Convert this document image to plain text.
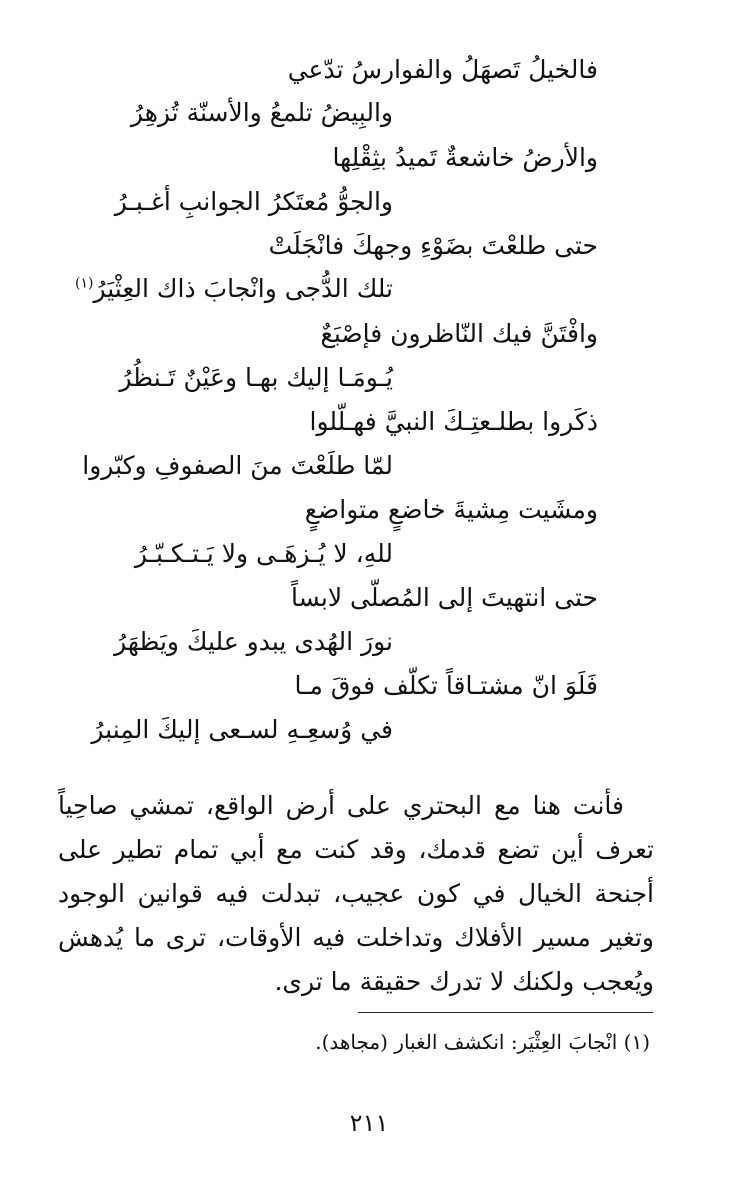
فالخيلُ تَصهَلُ والفوارسُ تدّعي
والبِيضُ تلمعُ والأسنّة تُزهِرُ
والأرضُ خاشعةٌ تَميدُ بثِقْلِها
والجوُّ مُعتَكرُ الجوانبِ أغـبـرُ
حتى طلعْتَ بضَوْءِ وجهكَ فانْجَلَتْ
تلك الدُّجى وانْجابَ ذاك العِثْيَرُ$^{(١)}$
وافْتَنَّ فيك النّاظرون فإصْبَعٌ
يُـومَـا إليك بهـا وعَيْنٌ تَـنظُرُ
ذكَروا بطلـعتِـكَ النبيَّ فهـلّلوا
لمّا طلَعْتَ منَ الصفوفِ وكبّروا
ومشَيت مِشيةَ خاضعٍ متواضعٍ
للهِ، لا يُـزهَـى ولا يَـتـكـبّـرُ
حتى انتهيتَ إلى المُصلّى لابساً
نورَ الهُدى يبدو عليكَ ويَظهَرُ
فَلَوَ انّ مشتـاقاً تكلّف فوقَ مـا
في وُسعِـهِ لسـعى إليكَ المِنبرُ

فأنت هنا مع البحتري على أرض الواقع، تمشي صاحِياً تعرف أين تضع قدمك، وقد كنت مع أبي تمام تطير على أجنحة الخيال في كون عجيب، تبدلت فيه قوانين الوجود وتغير مسير الأفلاك وتداخلت فيه الأوقات، ترى ما يُدهش ويُعجب ولكنك لا تدرك حقيقة ما ترى.

(١) انْجابَ العِثْيَر: انكشف الغبار (مجاهد).
٢١١
